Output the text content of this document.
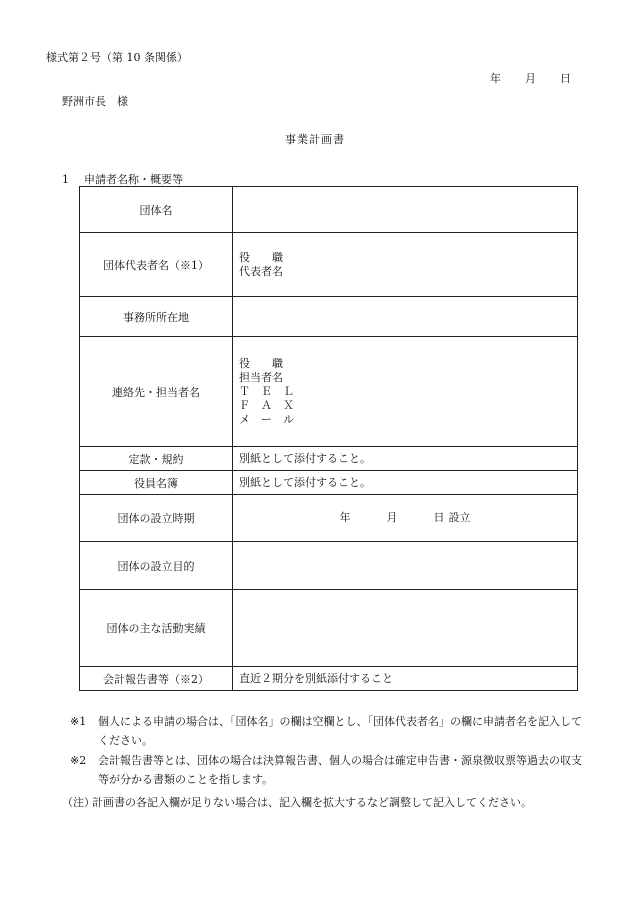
様式第２号（第 10 条関係）
年 月 日
野洲市長　様
事業計画書
1 申請者名称・概要等
団体名	
団体代表者名（※1）	役　　職
代表者名

事務所所在地	
連絡先・担当者名	役　　職
担当者名
Ｔ　Ｅ　Ｌ
Ｆ　Ａ　Ｘ
メ　ー　ル

定款・規約	別紙として添付すること。
役員名簿	別紙として添付すること。
団体の設立時期	年 月 日 設立
団体の設立目的	
団体の主な活動実績	
会計報告書等（※2）	直近２期分を別紙添付すること
※1	個人による申請の場合は、「団体名」の欄は空欄とし、「団体代表者名」の欄に申請者名を記入してください。
※2	会計報告書等とは、団体の場合は決算報告書、個人の場合は確定申告書・源泉徴収票等過去の収支等が分かる書類のことを指します。
（注）
計画書の各記入欄が足りない場合は、記入欄を拡大するなど調整して記入してください。
